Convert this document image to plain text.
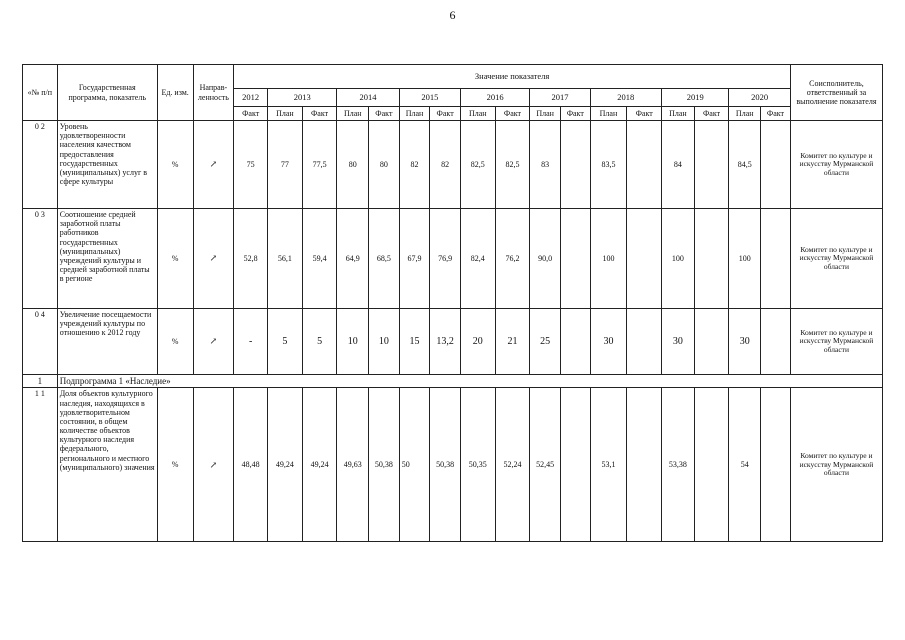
6
«№ п/п	Государственная программа, показатель	Ед. изм.	Направ-ленность	Значение показателя																	Соисполнитель, ответственный за выполнение показателя
				2012	2013		2014		2015		2016		2017		2018		2019		2020		
				Факт	План	Факт	План	Факт	План	Факт	План	Факт	План	Факт	План	Факт	План	Факт	План	Факт	
0 2	Уровень удовлетворенности населения качеством предоставления государственных (муниципальных) услуг в сфере культуры	%	↗	75	77	77,5	80	80	82	82	82,5	82,5	83		83,5		84		84,5		Комитет по культуре и искусству Мурманской области
0 3	Соотношение средней заработной платы работников государственных (муниципальных) учреждений культуры и средней заработной платы в регионе	%	↗	52,8	56,1	59,4	64,9	68,5	67,9	76,9	82,4	76,2	90,0		100		100		100		Комитет по культуре и искусству Мурманской области
0 4	Увеличение посещаемости учреждений культуры по отношению к 2012 году	%	↗	-	5	5	10	10	15	13,2	20	21	25		30		30		30		Комитет по культуре и искусству Мурманской области
1	Подпрограмма 1 «Наследие»																				
1 1	Доля объектов культурного наследия, находящихся в удовлетворительном состоянии, в общем количестве объектов культурного наследия федерального, регионального и местного (муниципального) значения	%	↗	48,48	49,24	49,24	49,63	50,38	50	50,38	50,35	52,24	52,45		53,1		53,38		54		Комитет по культуре и искусству Мурманской области
